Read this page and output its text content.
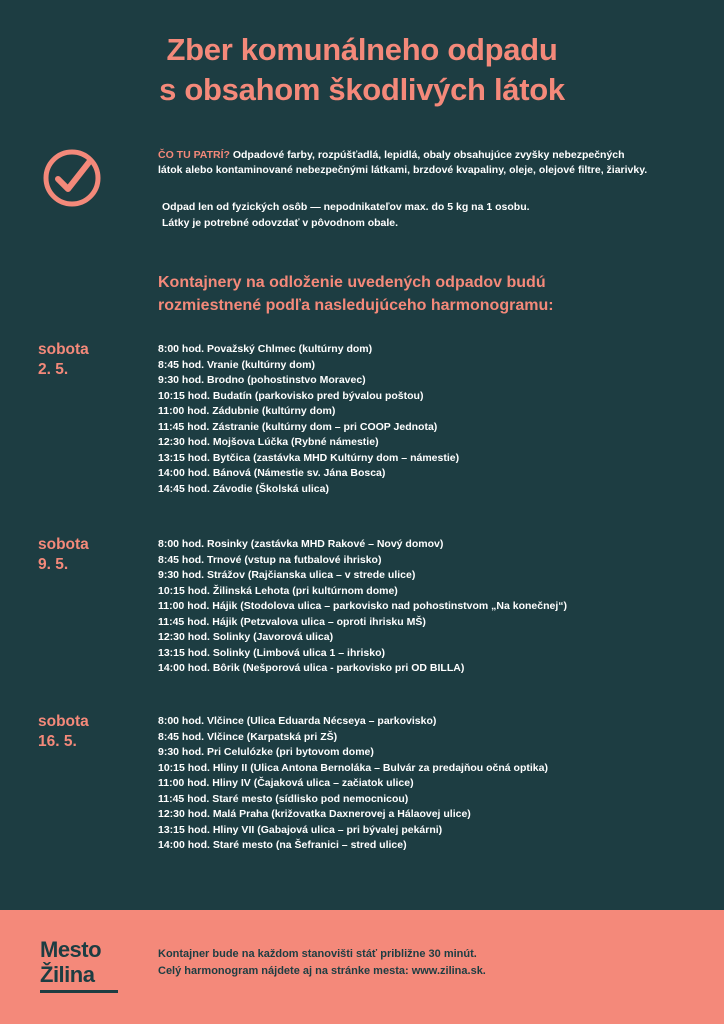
Zber komunálneho odpadu
s obsahom škodlivých látok

ČO TU PATRÍ? Odpadové farby, rozpúšťadlá, lepidlá, obaly obsahujúce zvyšky nebezpečných látok alebo kontaminované nebezpečnými látkami, brzdové kvapaliny, oleje, olejové filtre, žiarivky.

Odpad len od fyzických osôb — nepodnikateľov max. do 5 kg na 1 osobu.

Látky je potrebné odovzdať v pôvodnom obale.

Kontajnery na odloženie uvedených odpadov budú
rozmiestnené podľa nasledujúceho harmonogramu:
sobota
2. 5.
8:00 hod. Považský Chlmec (kultúrny dom)
8:45 hod. Vranie (kultúrny dom)
9:30 hod. Brodno (pohostinstvo Moravec)
10:15 hod. Budatín (parkovisko pred bývalou poštou)
11:00 hod. Zádubnie (kultúrny dom)
11:45 hod. Zástranie (kultúrny dom – pri COOP Jednota)
12:30 hod. Mojšova Lúčka (Rybné námestie)
13:15 hod. Bytčica (zastávka MHD Kultúrny dom – námestie)
14:00 hod. Bánová (Námestie sv. Jána Bosca)
14:45 hod. Závodie (Školská ulica)
sobota
9. 5.
8:00 hod. Rosinky (zastávka MHD Rakové – Nový domov)
8:45 hod. Trnové (vstup na futbalové ihrisko)
9:30 hod. Strážov (Rajčianska ulica – v strede ulice)
10:15 hod. Žilinská Lehota (pri kultúrnom dome)
11:00 hod. Hájik (Stodolova ulica – parkovisko nad pohostinstvom „Na konečnej“)
11:45 hod. Hájik (Petzvalova ulica – oproti ihrisku MŠ)
12:30 hod. Solinky (Javorová ulica)
13:15 hod. Solinky (Limbová ulica 1 – ihrisko)
14:00 hod. Bôrik (Nešporová ulica - parkovisko pri OD BILLA)
sobota
16. 5.
8:00 hod. Vlčince (Ulica Eduarda Nécseya – parkovisko)
8:45 hod. Vlčince (Karpatská pri ZŠ)
9:30 hod. Pri Celulózke (pri bytovom dome)
10:15 hod. Hliny II (Ulica Antona Bernoláka – Bulvár za predajňou očná optika)
11:00 hod. Hliny IV (Čajaková ulica – začiatok ulice)
11:45 hod. Staré mesto (sídlisko pod nemocnicou)
12:30 hod. Malá Praha (križovatka Daxnerovej a Hálaovej ulice)
13:15 hod. Hliny VII (Gabajová ulica – pri bývalej pekárni)
14:00 hod. Staré mesto (na Šefranici – stred ulice)
Mesto
Žilina
Kontajner bude na každom stanovišti stáť približne 30 minút.
Celý harmonogram nájdete aj na stránke mesta: www.zilina.sk.
